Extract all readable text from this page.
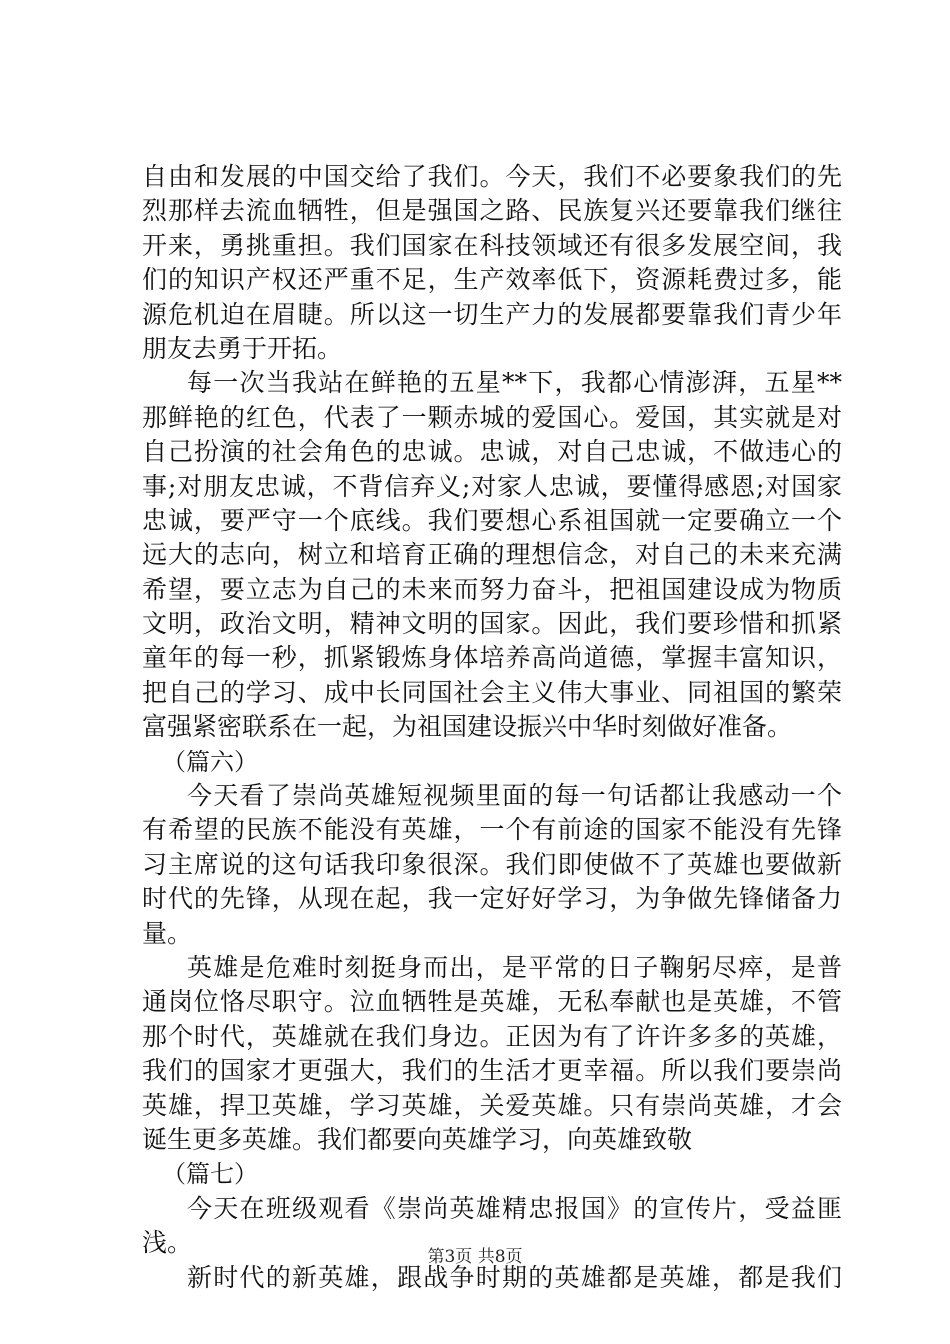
自由和发展的中国交给了我们。今天，我们不必要象我们的先
烈那样去流血牺牲，但是强国之路、民族复兴还要靠我们继往
开来，勇挑重担。我们国家在科技领域还有很多发展空间，我
们的知识产权还严重不足，生产效率低下，资源耗费过多，能
源危机迫在眉睫。所以这一切生产力的发展都要靠我们青少年
朋友去勇于开拓。
每一次当我站在鲜艳的五星**下，我都心情澎湃，五星**
那鲜艳的红色，代表了一颗赤城的爱国心。爱国，其实就是对
自己扮演的社会角色的忠诚。忠诚，对自己忠诚，不做违心的
事;对朋友忠诚，不背信弃义;对家人忠诚，要懂得感恩;对国家
忠诚，要严守一个底线。我们要想心系祖国就一定要确立一个
远大的志向，树立和培育正确的理想信念，对自己的未来充满
希望，要立志为自己的未来而努力奋斗，把祖国建设成为物质
文明，政治文明，精神文明的国家。因此，我们要珍惜和抓紧
童年的每一秒，抓紧锻炼身体培养高尚道德，掌握丰富知识，
把自己的学习、成中长同国社会主义伟大事业、同祖国的繁荣
富强紧密联系在一起，为祖国建设振兴中华时刻做好准备。
（篇六）
今天看了崇尚英雄短视频里面的每一句话都让我感动一个
有希望的民族不能没有英雄，一个有前途的国家不能没有先锋
习主席说的这句话我印象很深。我们即使做不了英雄也要做新
时代的先锋，从现在起，我一定好好学习，为争做先锋储备力
量。
英雄是危难时刻挺身而出，是平常的日子鞠躬尽瘁，是普
通岗位恪尽职守。泣血牺牲是英雄，无私奉献也是英雄，不管
那个时代，英雄就在我们身边。正因为有了许许多多的英雄，
我们的国家才更强大，我们的生活才更幸福。所以我们要崇尚
英雄，捍卫英雄，学习英雄，关爱英雄。只有崇尚英雄，才会
诞生更多英雄。我们都要向英雄学习，向英雄致敬
（篇七）
今天在班级观看《崇尚英雄精忠报国》的宣传片，受益匪
浅。
新时代的新英雄，跟战争时期的英雄都是英雄，都是我们
第3页 共8页
